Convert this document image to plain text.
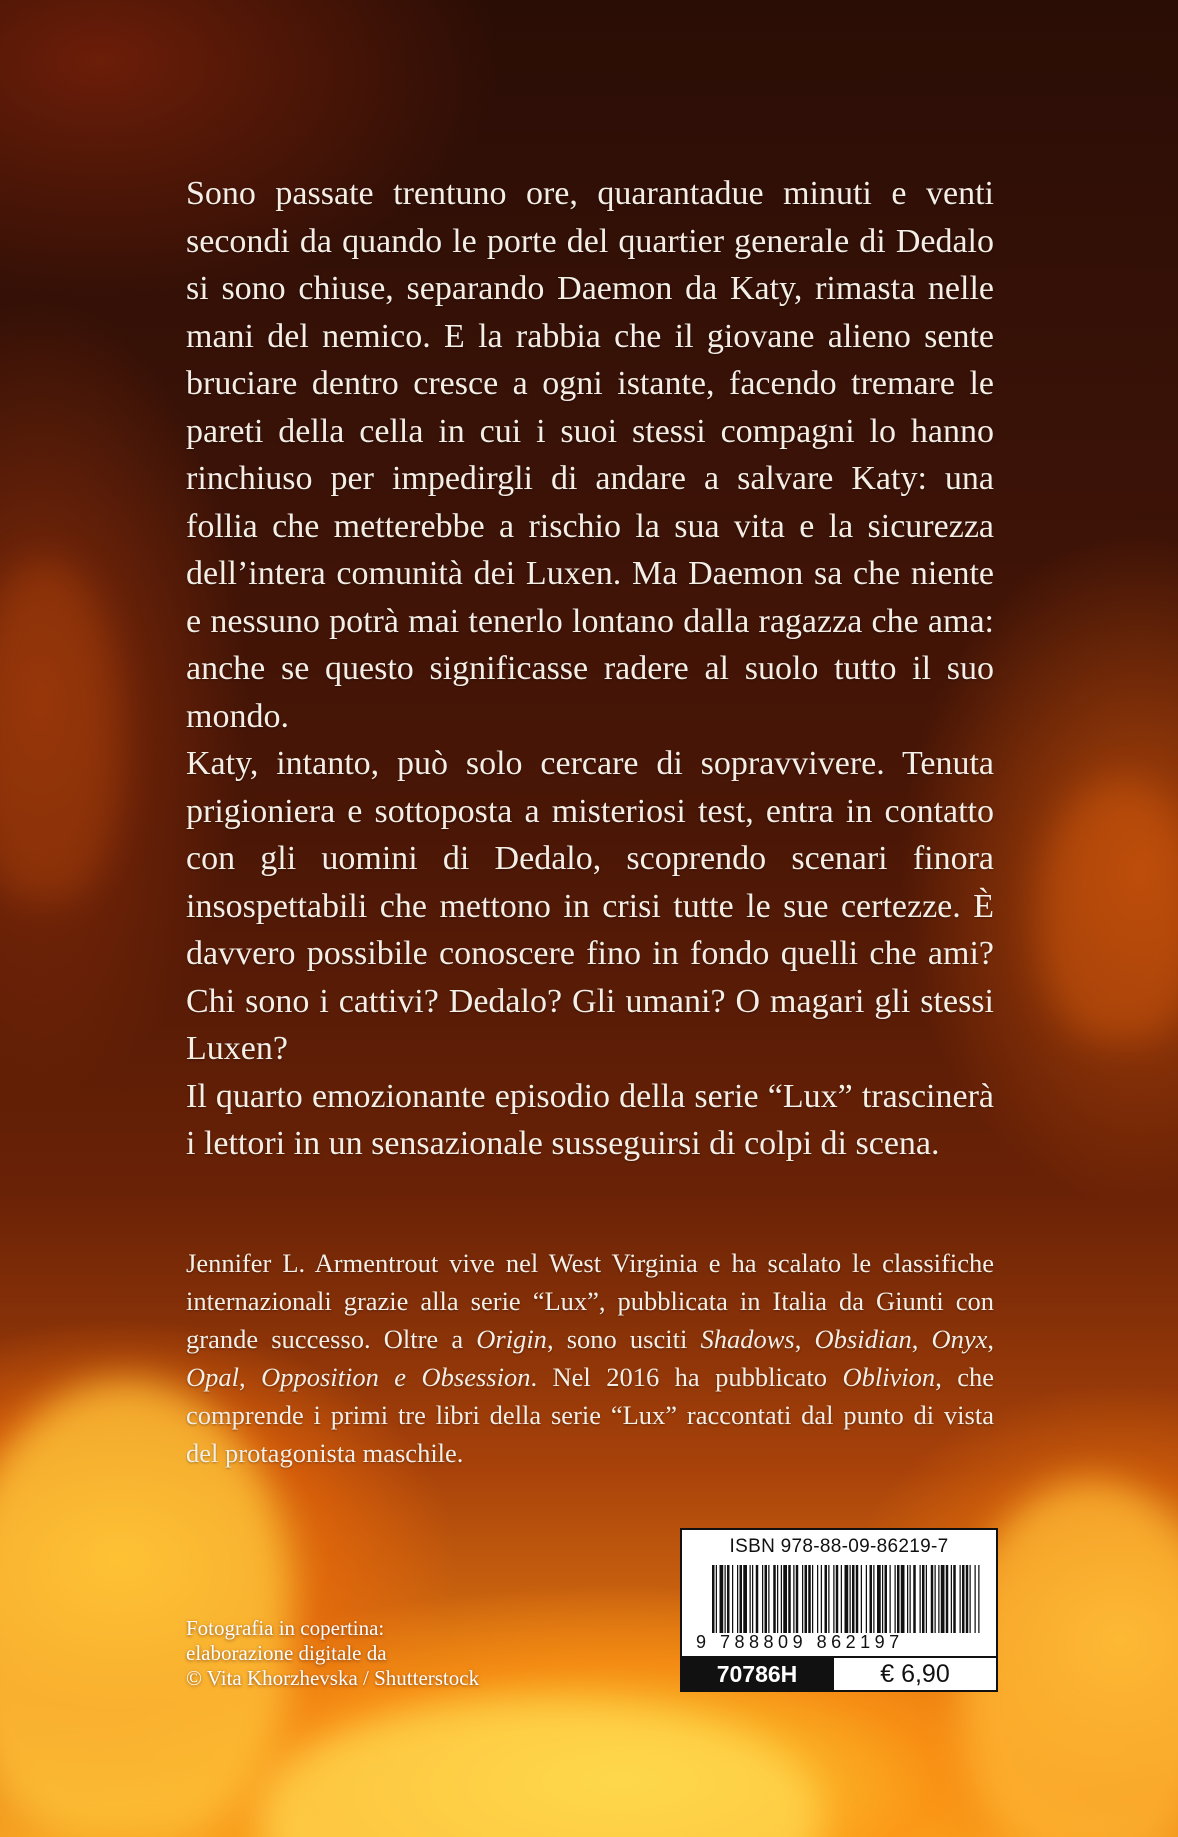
Sono passate trentuno ore, quarantadue minuti e venti secondi da quando le porte del quartier generale di Dedalo si sono chiuse, separando Daemon da Katy, rimasta nelle mani del nemico. E la rabbia che il giovane alieno sente bruciare dentro cresce a ogni istante, facendo tremare le pareti della cella in cui i suoi stessi compagni lo hanno rinchiuso per impedirgli di andare a salvare Katy: una follia che metterebbe a rischio la sua vita e la sicurezza dell’intera comunità dei Luxen. Ma Daemon sa che niente e nessuno potrà mai tenerlo lontano dalla ragazza che ama: anche se questo significasse radere al suolo tutto il suo mondo.

Katy, intanto, può solo cercare di sopravvivere. Tenuta prigioniera e sottoposta a misteriosi test, entra in contatto con gli uomini di Dedalo, scoprendo scenari finora insospettabili che mettono in crisi tutte le sue certezze. È davvero possibile conoscere fino in fondo quelli che ami? Chi sono i cattivi? Dedalo? Gli umani? O magari gli stessi Luxen?

Il quarto emozionante episodio della serie “Lux” trascinerà i lettori in un sensazionale susseguirsi di colpi di scena.

Jennifer L. Armentrout vive nel West Virginia e ha scalato le classifiche internazionali grazie alla serie “Lux”, pubblicata in Italia da Giunti con grande successo. Oltre a Origin, sono usciti Shadows, Obsidian, Onyx, Opal, Opposition e Obsession. Nel 2016 ha pubblicato Oblivion, che comprende i primi tre libri della serie “Lux” raccontati dal punto di vista del protagonista maschile.
Fotografia in copertina:
elaborazione digitale da
© Vita Khorzhevska / Shutterstock
ISBN 978-88-09-86219-7
9 788809 862197
70786H	€ 6,90
